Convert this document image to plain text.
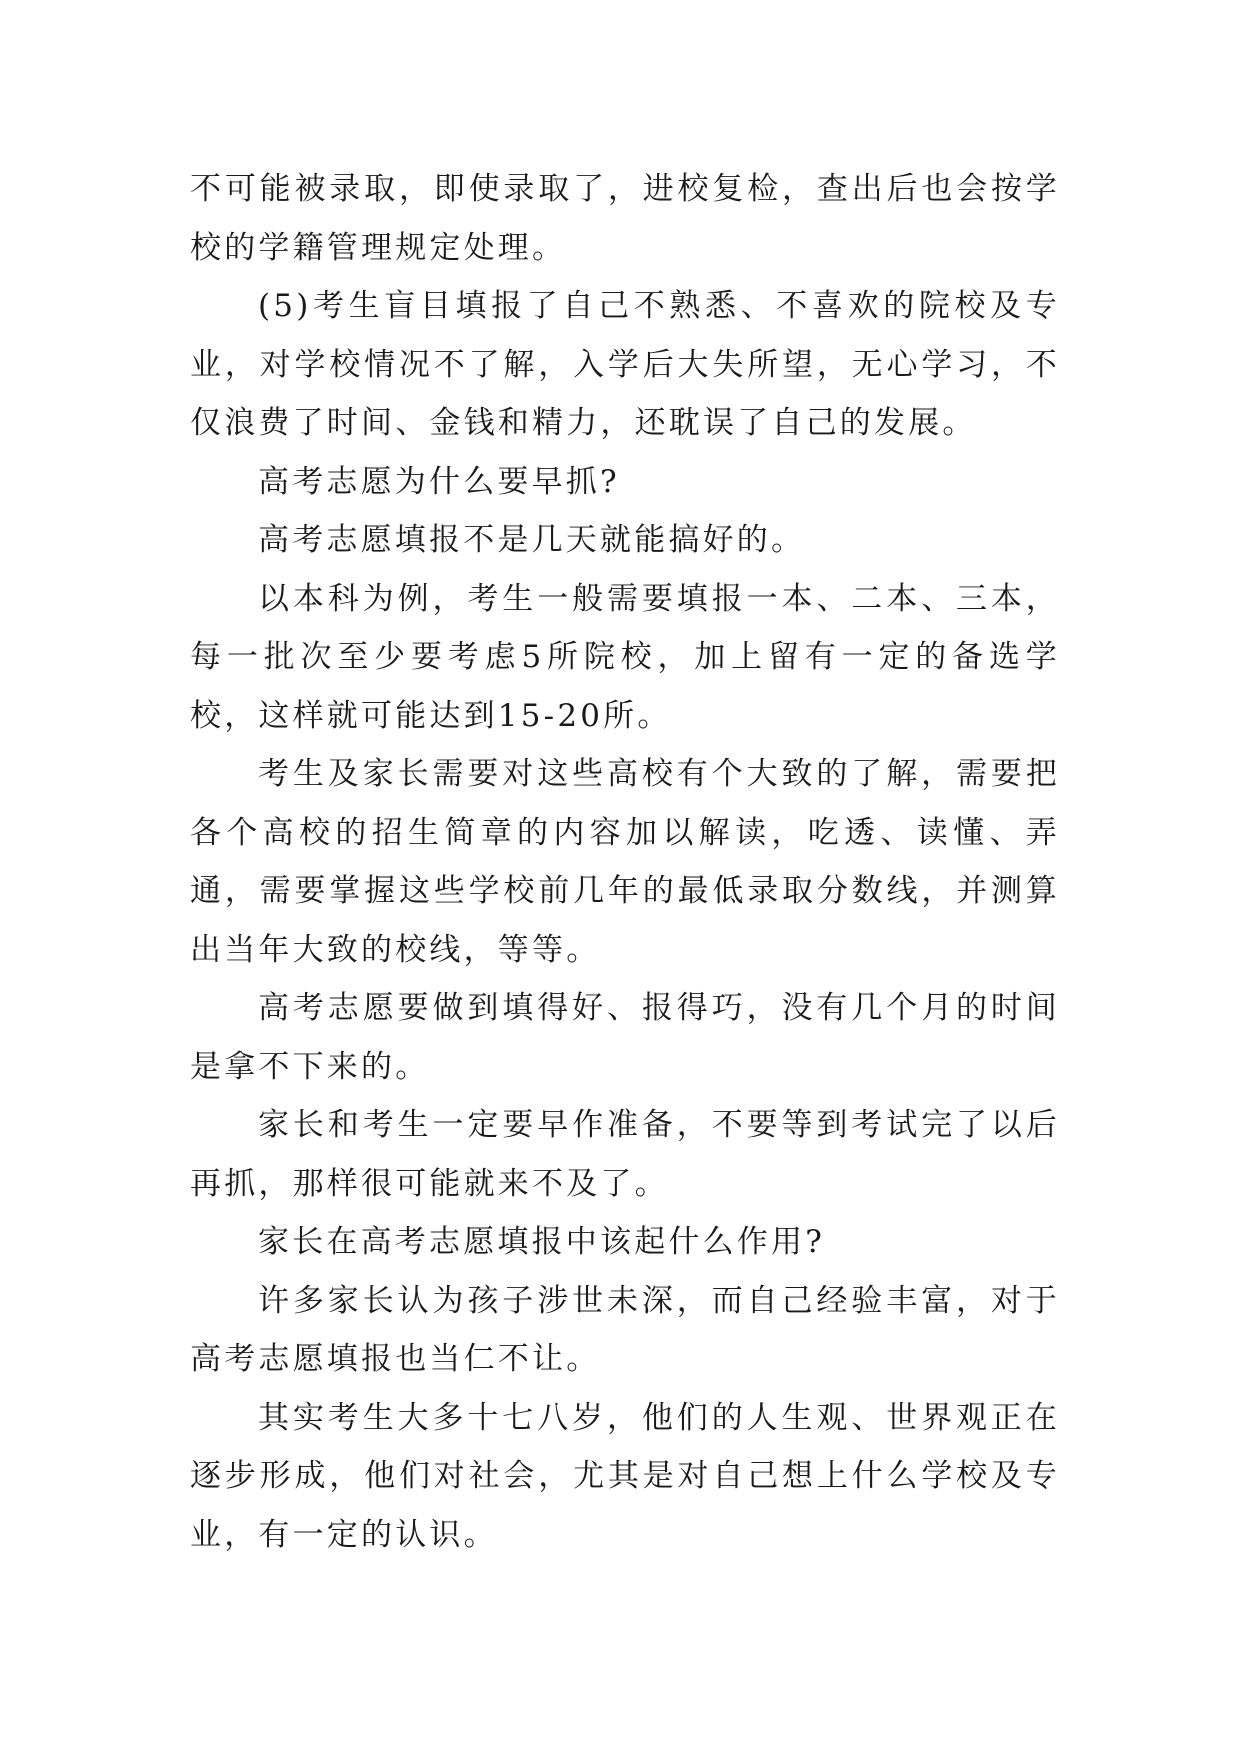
不可能被录取，即使录取了，进校复检，查出后也会按学校的学籍管理规定处理。

(5)考生盲目填报了自己不熟悉、不喜欢的院校及专业，对学校情况不了解，入学后大失所望，无心学习，不仅浪费了时间、金钱和精力，还耽误了自己的发展。

高考志愿为什么要早抓?

高考志愿填报不是几天就能搞好的。

以本科为例，考生一般需要填报一本、二本、三本，每一批次至少要考虑5所院校，加上留有一定的备选学校，这样就可能达到15-20所。

考生及家长需要对这些高校有个大致的了解，需要把各个高校的招生简章的内容加以解读，吃透、读懂、弄通，需要掌握这些学校前几年的最低录取分数线，并测算出当年大致的校线，等等。

高考志愿要做到填得好、报得巧，没有几个月的时间是拿不下来的。

家长和考生一定要早作准备，不要等到考试完了以后再抓，那样很可能就来不及了。

家长在高考志愿填报中该起什么作用?

许多家长认为孩子涉世未深，而自己经验丰富，对于高考志愿填报也当仁不让。

其实考生大多十七八岁，他们的人生观、世界观正在逐步形成，他们对社会，尤其是对自己想上什么学校及专业，有一定的认识。
